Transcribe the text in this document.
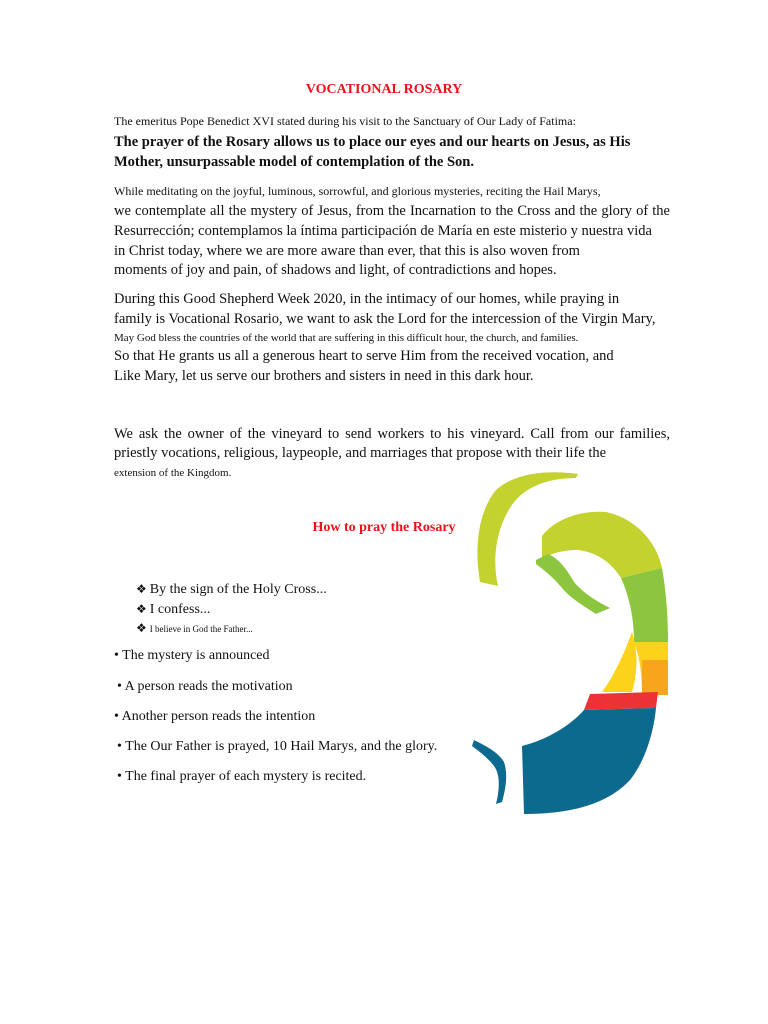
VOCATIONAL ROSARY
The emeritus Pope Benedict XVI stated during his visit to the Sanctuary of Our Lady of Fatima:
The prayer of the Rosary allows us to place our eyes and our hearts on Jesus, as His
Mother, unsurpassable model of contemplation of the Son.
While meditating on the joyful, luminous, sorrowful, and glorious mysteries, reciting the Hail Marys,
we contemplate all the mystery of Jesus, from the Incarnation to the Cross and the glory of the
Resurrección; contemplamos la íntima participación de María en este misterio y nuestra vida
in Christ today, where we are more aware than ever, that this is also woven from
moments of joy and pain, of shadows and light, of contradictions and hopes.
During this Good Shepherd Week 2020, in the intimacy of our homes, while praying in
family is Vocational Rosario, we want to ask the Lord for the intercession of the Virgin Mary,
May God bless the countries of the world that are suffering in this difficult hour, the church, and families.
So that He grants us all a generous heart to serve Him from the received vocation, and
Like Mary, let us serve our brothers and sisters in need in this dark hour.
We ask the owner of the vineyard to send workers to his vineyard. Call from our families,
priestly vocations, religious, laypeople, and marriages that propose with their life the
extension of the Kingdom.
How to pray the Rosary
❖ By the sign of the Holy Cross...
❖ I confess...
❖ I believe in God the Father...
• The mystery is announced
• A person reads the motivation
• Another person reads the intention
• The Our Father is prayed, 10 Hail Marys, and the glory.
• The final prayer of each mystery is recited.
